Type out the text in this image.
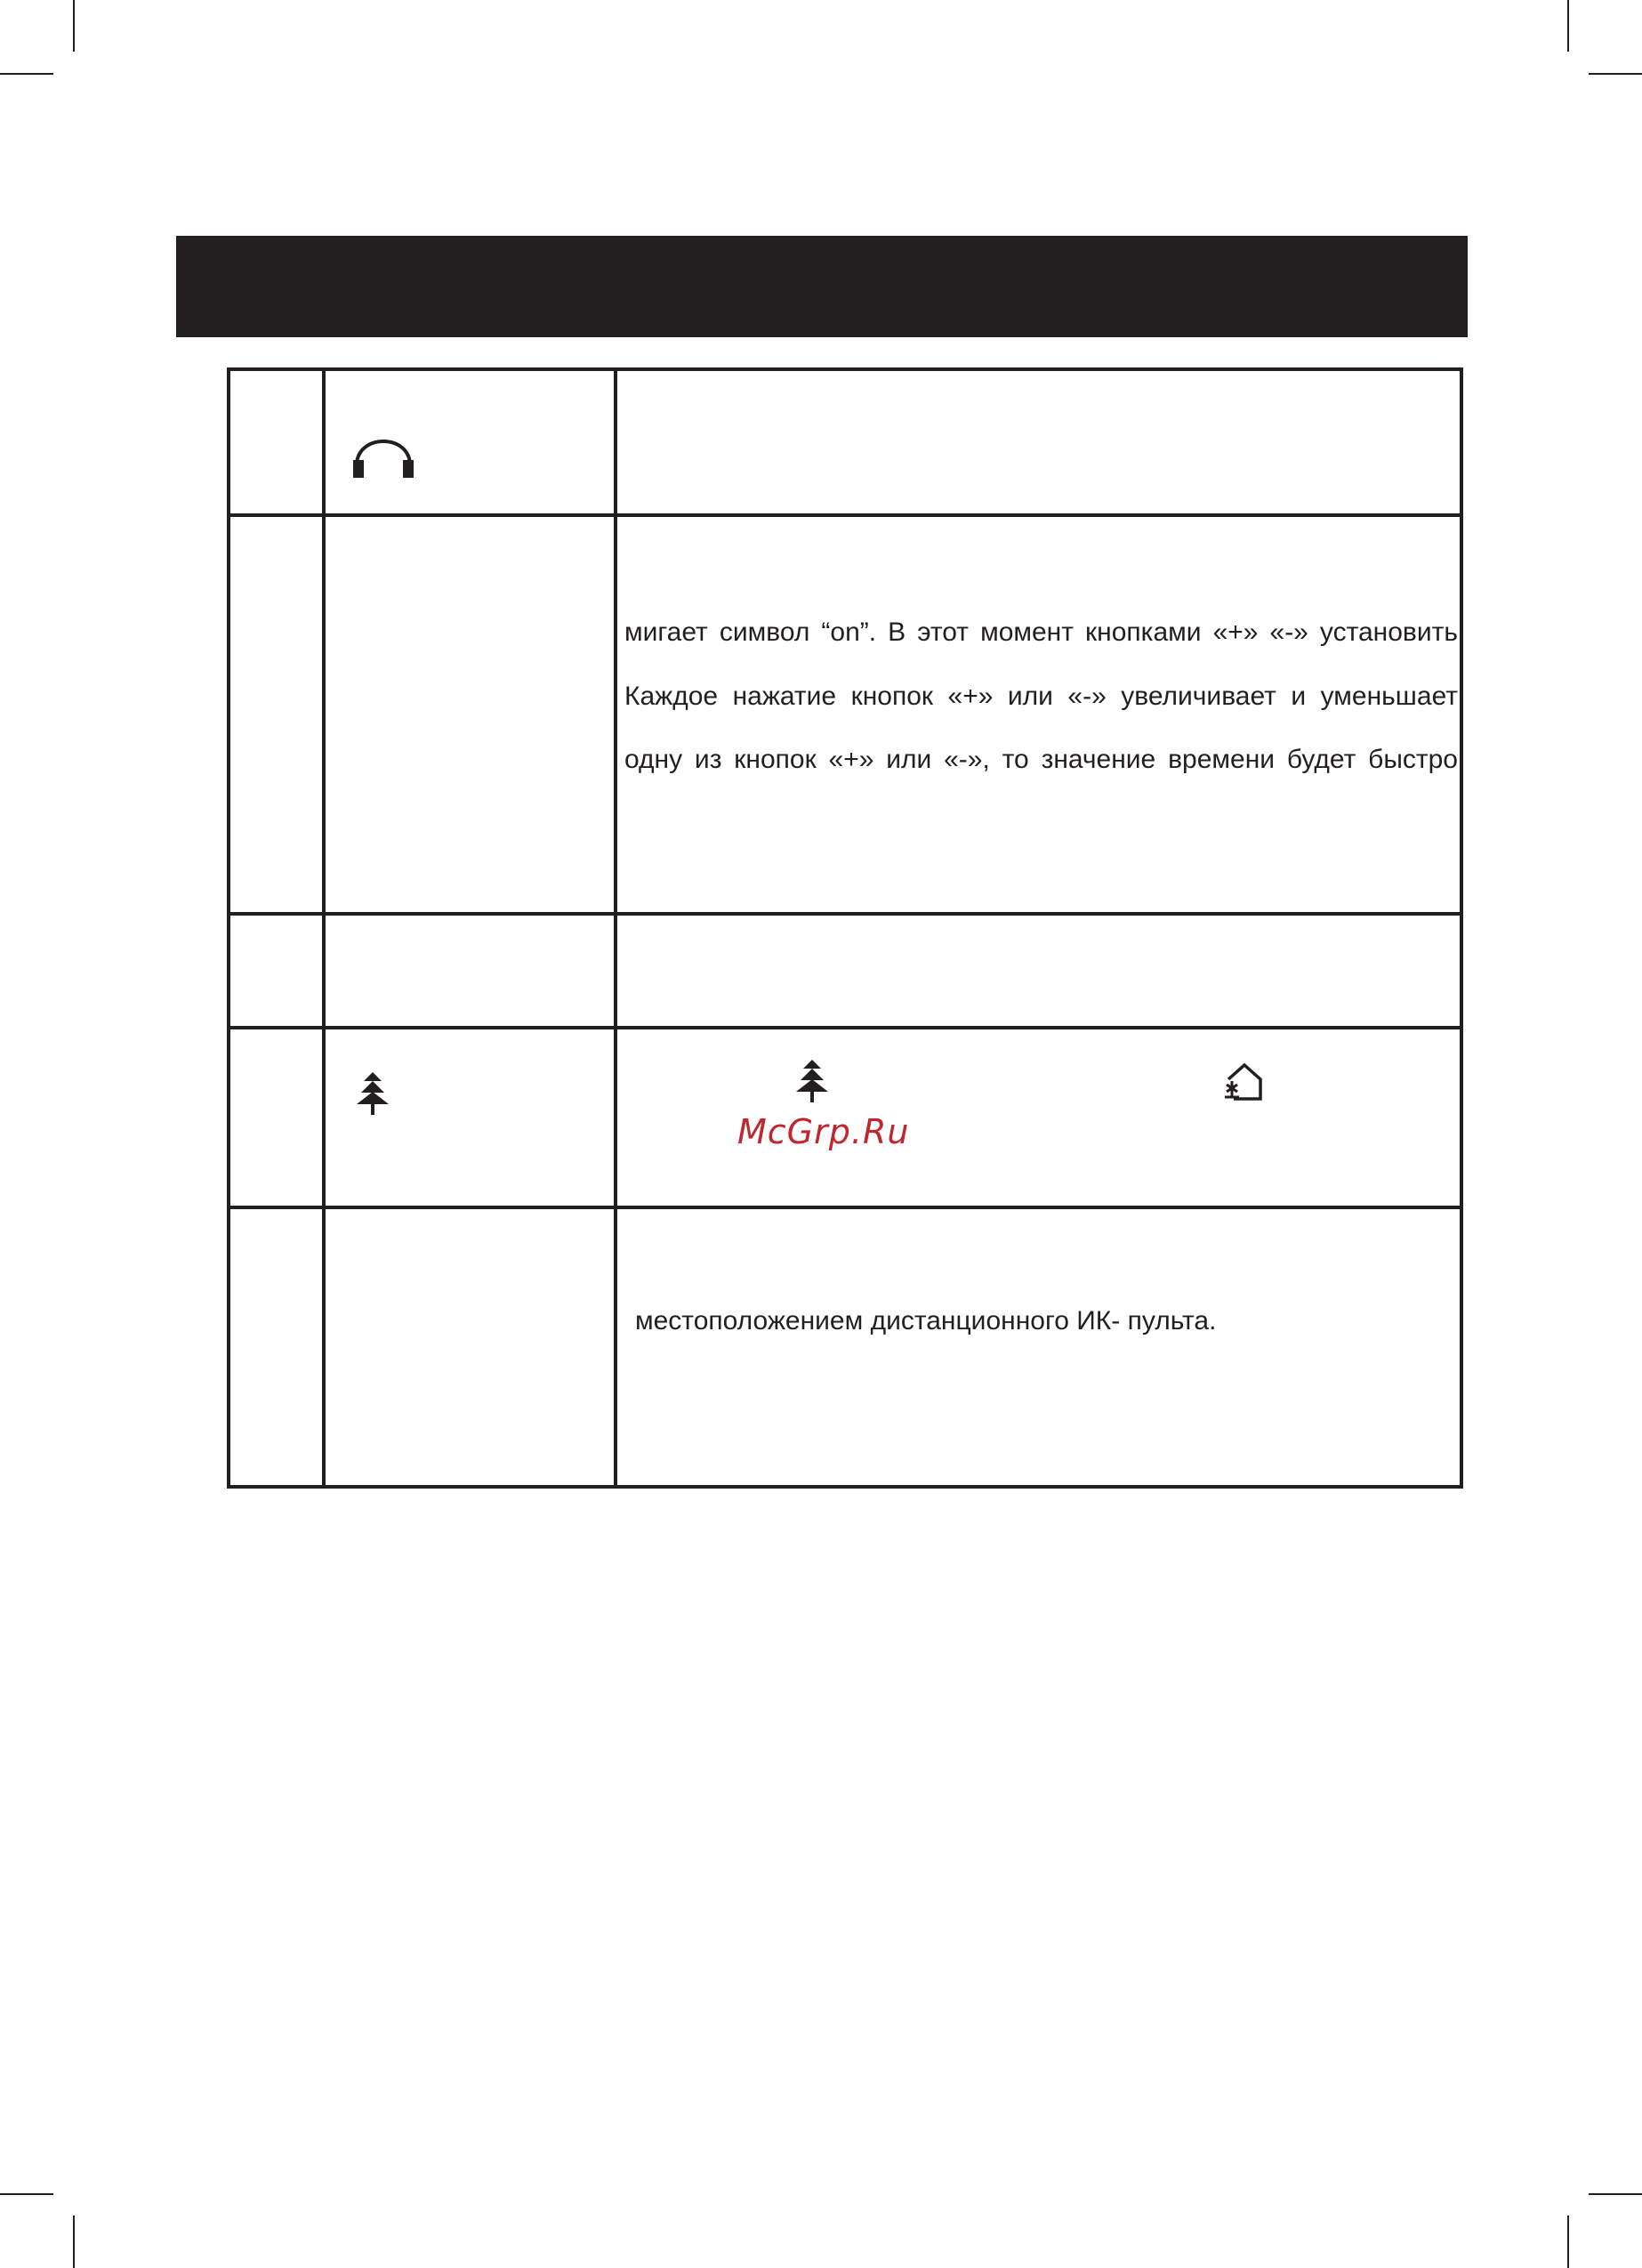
мигает символ “on”. В этот момент кнопками «+» «-» установить
Каждое нажатие кнопок «+» или «-» увеличивает и уменьшает
одну из кнопок «+» или «-», то значение времени будет быстро
местоположением дистанционного ИК- пульта.
McGrp.Ru
